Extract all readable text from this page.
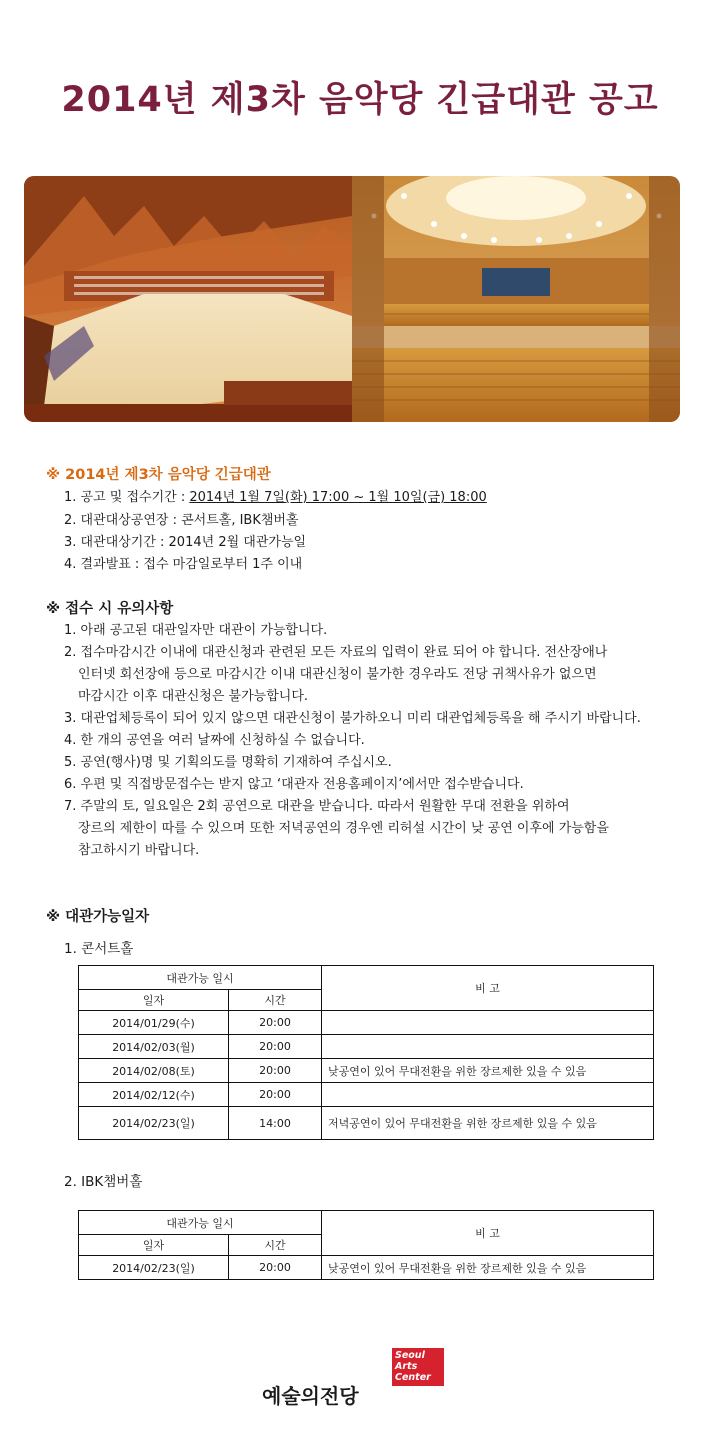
2014년 제3차 음악당 긴급대관 공고
※ 2014년 제3차 음악당 긴급대관
1. 공고 및 접수기간 : 2014년 1월 7일(화) 17:00 ~ 1월 10일(금) 18:00
2. 대관대상공연장 : 콘서트홀, IBK챔버홀
3. 대관대상기간 : 2014년 2월 대관가능일
4. 결과발표 : 접수 마감일로부터 1주 이내
※ 접수 시 유의사항
1. 아래 공고된 대관일자만 대관이 가능합니다.
2. 접수마감시간 이내에 대관신청과 관련된 모든 자료의 입력이 완료 되어 야 합니다. 전산장애나
인터넷 회선장애 등으로 마감시간 이내 대관신청이 불가한 경우라도 전당 귀책사유가 없으면
마감시간 이후 대관신청은 불가능합니다.
3. 대관업체등록이 되어 있지 않으면 대관신청이 불가하오니 미리 대관업체등록을 해 주시기 바랍니다.
4. 한 개의 공연을 여러 날짜에 신청하실 수 없습니다.
5. 공연(행사)명 및 기획의도를 명확히 기재하여 주십시오.
6. 우편 및 직접방문접수는 받지 않고 ‘대관자 전용홈페이지’에서만 접수받습니다.
7. 주말의 토, 일요일은 2회 공연으로 대관을 받습니다. 따라서 원활한 무대 전환을 위하여
장르의 제한이 따를 수 있으며 또한 저녁공연의 경우엔 리허설 시간이 낮 공연 이후에 가능함을
참고하시기 바랍니다.
※ 대관가능일자
1. 콘서트홀
대관가능 일시		비 고
일자	시간	
2014/01/29(수)	20:00	
2014/02/03(월)	20:00	
2014/02/08(토)	20:00	낮공연이 있어 무대전환을 위한 장르제한 있을 수 있음
2014/02/12(수)	20:00	
2014/02/23(일)	14:00	저녁공연이 있어 무대전환을 위한 장르제한 있을 수 있음
2. IBK챔버홀
대관가능 일시		비 고
일자	시간	
2014/02/23(일)	20:00	낮공연이 있어 무대전환을 위한 장르제한 있을 수 있음
Seoul Arts Center
예술의전당
